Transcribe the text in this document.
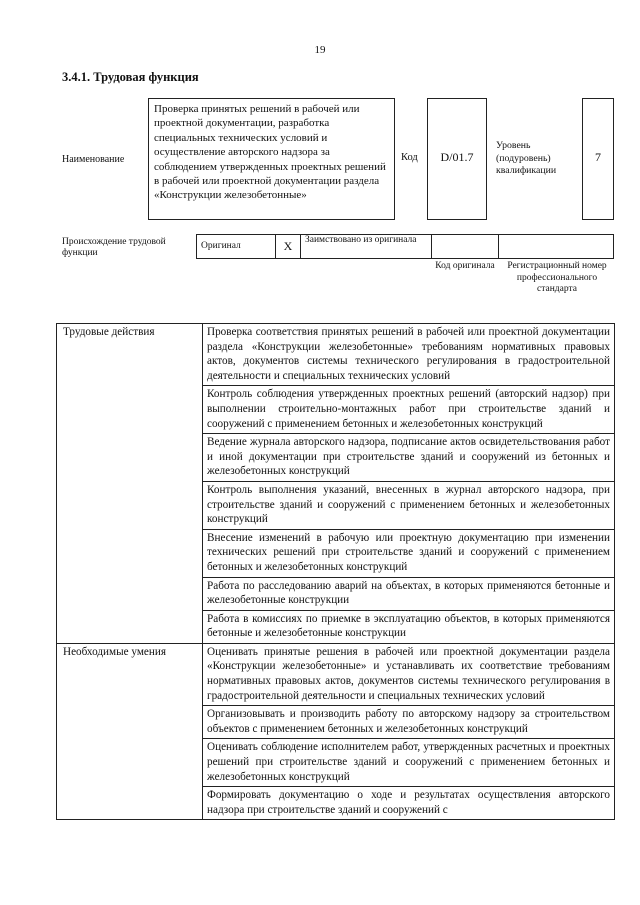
19
3.4.1. Трудовая функция
Наименование
Проверка принятых решений в рабочей или проектной документации, разработка специальных технических условий и осуществление авторского надзора за соблюдением утвержденных проектных решений в рабочей или проектной документации раздела «Конструкции железобетонные»
Код	D/01.7
Уровень (подуровень) квалификации
7
Происхождение трудовой функции
Оригинал	X	Заимствовано из оригинала		
Код оригинала	Регистрационный номер профессионального стандарта
Трудовые действия	Проверка соответствия принятых решений в рабочей или проектной документации раздела «Конструкции железобетонные» требованиям нормативных правовых актов, документов системы технического регулирования в градостроительной деятельности и специальных технических условий
	Контроль соблюдения утвержденных проектных решений (авторский надзор) при выполнении строительно-монтажных работ при строительстве зданий и сооружений с применением бетонных и железобетонных конструкций
	Ведение журнала авторского надзора, подписание актов освидетельствования работ и иной документации при строительстве зданий и сооружений из бетонных и железобетонных конструкций
	Контроль выполнения указаний, внесенных в журнал авторского надзора, при строительстве зданий и сооружений с применением бетонных и железобетонных конструкций
	Внесение изменений в рабочую или проектную документацию при изменении технических решений при строительстве зданий и сооружений с применением бетонных и железобетонных конструкций
	Работа по расследованию аварий на объектах, в которых применяются бетонные и железобетонные конструкции
	Работа в комиссиях по приемке в эксплуатацию объектов, в которых применяются бетонные и железобетонные конструкции
Необходимые умения	Оценивать принятые решения в рабочей или проектной документации раздела «Конструкции железобетонные» и устанавливать их соответствие требованиям нормативных правовых актов, документов системы технического регулирования в градостроительной деятельности и специальных технических условий
	Организовывать и производить работу по авторскому надзору за строительством объектов с применением бетонных и железобетонных конструкций
	Оценивать соблюдение исполнителем работ, утвержденных расчетных и проектных решений при строительстве зданий и сооружений с применением бетонных и железобетонных конструкций
	Формировать документацию о ходе и результатах осуществления авторского надзора при строительстве зданий и сооружений с
